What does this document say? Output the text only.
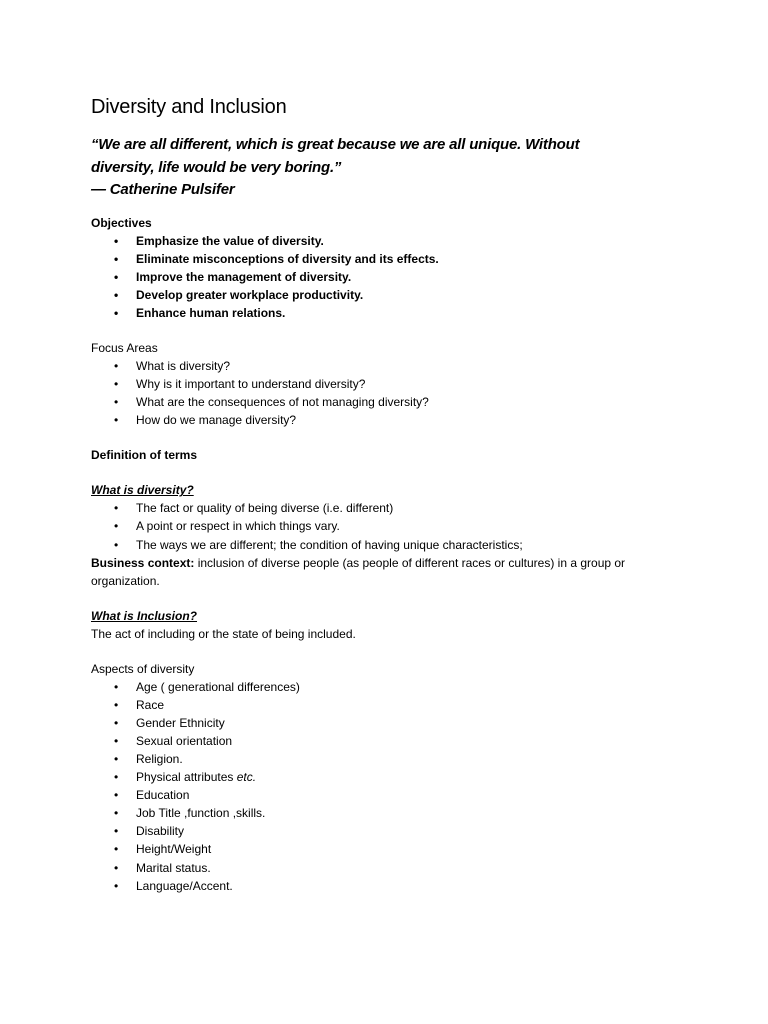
Diversity and Inclusion
“We are all different, which is great because we are all unique. Without
diversity, life would be very boring.”
— Catherine Pulsifer

Objectives

• Emphasize the value of diversity.
• Eliminate misconceptions of diversity and its effects.
• Improve the management of diversity.
• Develop greater workplace productivity.
• Enhance human relations.

Focus Areas

• What is diversity?
• Why is it important to understand diversity?
• What are the consequences of not managing diversity?
• How do we manage diversity?

Definition of terms

What is diversity?

• The fact or quality of being diverse (i.e. different)
• A point or respect in which things vary.
• The ways we are different; the condition of having unique characteristics;

Business context: inclusion of diverse people (as people of different races or cultures) in a group or
organization.

What is Inclusion?

The act of including or the state of being included.

Aspects of diversity

• Age ( generational differences)
• Race
• Gender Ethnicity
• Sexual orientation
• Religion.
• Physical attributes etc.
• Education
• Job Title ,function ,skills.
• Disability
• Height/Weight
• Marital status.
• Language/Accent.
